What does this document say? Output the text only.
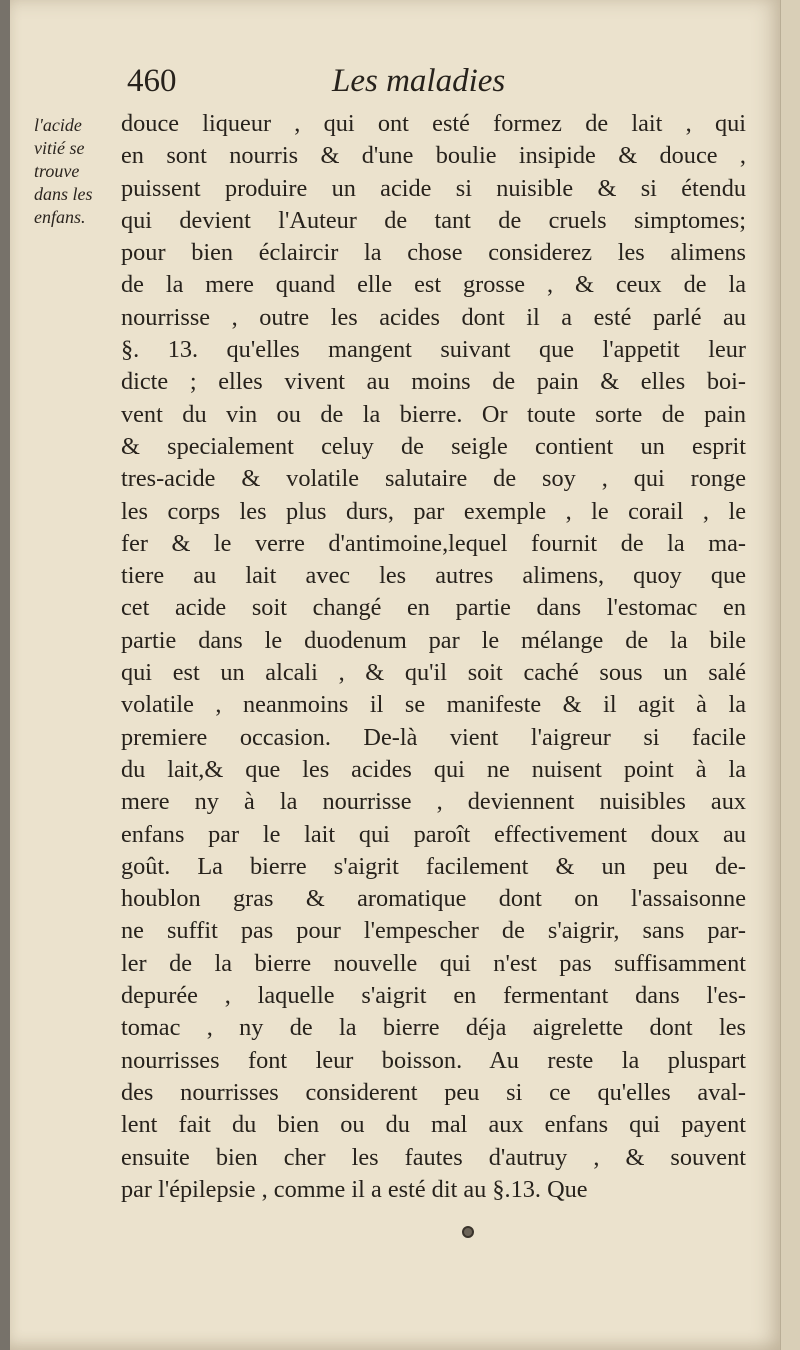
460	Les maladies
l'acide
vitié se
trouve
dans les
enfans.
douce liqueur , qui ont esté formez de lait , qui
en sont nourris & d'une boulie insipide & douce ,
puissent produire un acide si nuisible & si étendu
qui devient l'Auteur de tant de cruels simptomes;
pour bien éclaircir la chose considerez les alimens
de la mere quand elle est grosse , & ceux de la
nourrisse , outre les acides dont il a esté parlé au
§. 13. qu'elles mangent suivant que l'appetit leur
dicte ; elles vivent au moins de pain & elles boi-
vent du vin ou de la bierre. Or toute sorte de pain
& specialement celuy de seigle contient un esprit
tres-acide & volatile salutaire de soy , qui ronge
les corps les plus durs, par exemple , le corail , le
fer & le verre d'antimoine,lequel fournit de la ma-
tiere au lait avec les autres alimens, quoy que
cet acide soit changé en partie dans l'estomac en
partie dans le duodenum par le mélange de la bile
qui est un alcali , & qu'il soit caché sous un salé
volatile , neanmoins il se manifeste & il agit à la
premiere occasion. De-là vient l'aigreur si facile
du lait,& que les acides qui ne nuisent point à la
mere ny à la nourrisse , deviennent nuisibles aux
enfans par le lait qui paroît effectivement doux au
goût. La bierre s'aigrit facilement & un peu de-
houblon gras & aromatique dont on l'assaisonne
ne suffit pas pour l'empescher de s'aigrir, sans par-
ler de la bierre nouvelle qui n'est pas suffisamment
depurée , laquelle s'aigrit en fermentant dans l'es-
tomac , ny de la bierre déja aigrelette dont les
nourrisses font leur boisson. Au reste la pluspart
des nourrisses considerent peu si ce qu'elles aval-
lent fait du bien ou du mal aux enfans qui payent
ensuite bien cher les fautes d'autruy , & souvent
par l'épilepsie , comme il a esté dit au §.13. Que
